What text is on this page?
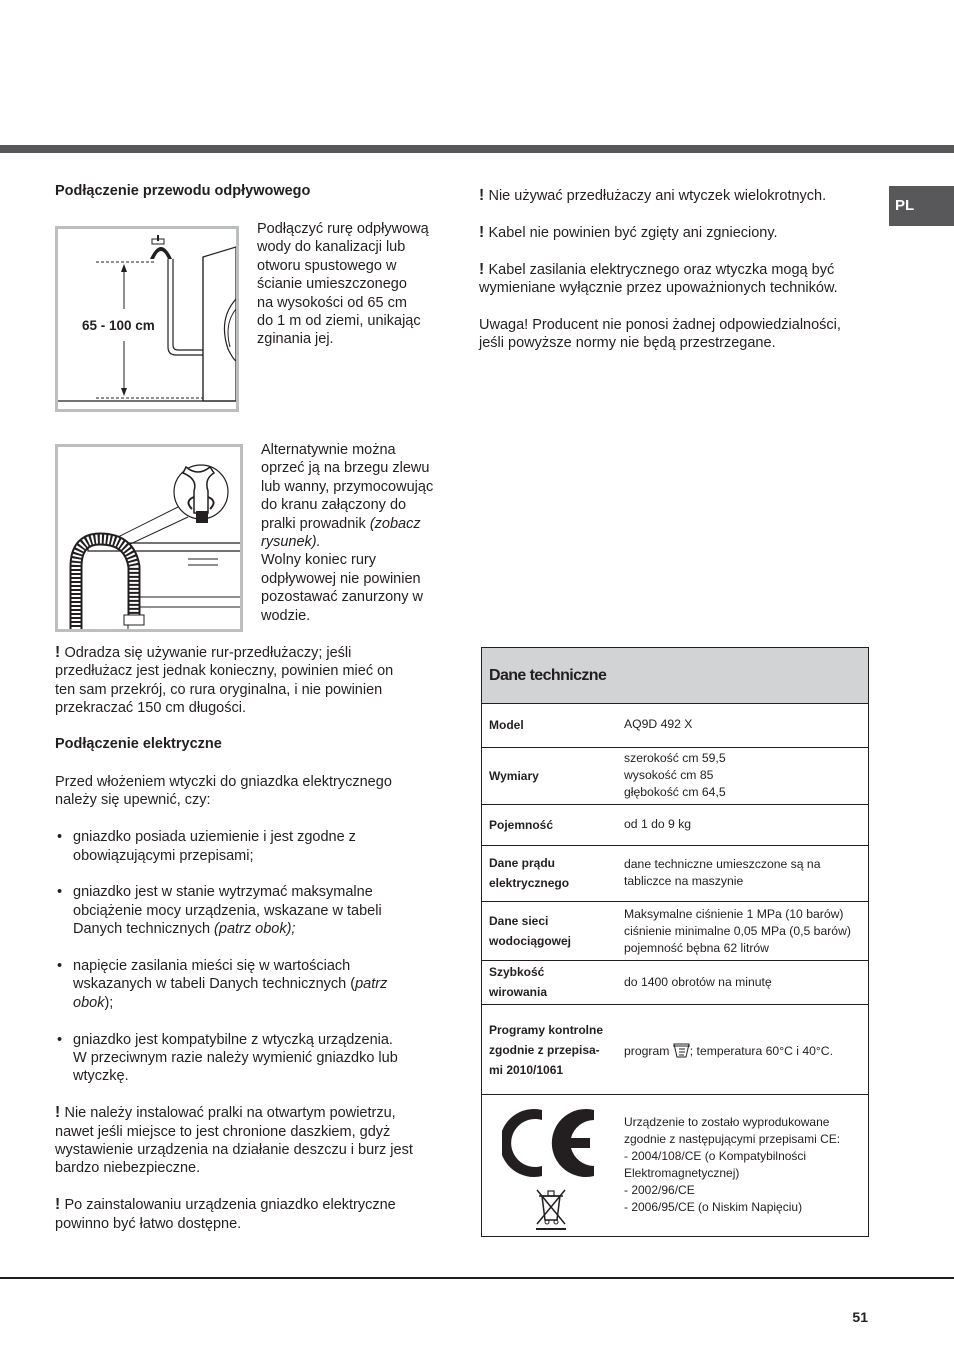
PL
Podłączenie przewodu odpływowego
65 - 100 cm
Podłączyć rurę odpływową
wody do kanalizacji lub
otworu spustowego w
ścianie umieszczonego
na wysokości od 65 cm
do 1 m od ziemi, unikając
zginania jej.
Alternatywnie można
oprzeć ją na brzegu zlewu
lub wanny, przymocowując
do kranu załączony do
pralki prowadnik (zobacz
rysunek).
Wolny koniec rury
odpływowej nie powinien
pozostawać zanurzony w
wodzie.
! Odradza się używanie rur-przedłużaczy; jeśli
przedłużacz jest jednak konieczny, powinien mieć on
ten sam przekrój, co rura oryginalna, i nie powinien
przekraczać 150 cm długości.
Podłączenie elektryczne
Przed włożeniem wtyczki do gniazdka elektrycznego
należy się upewnić, czy:
• gniazdko posiada uziemienie i jest zgodne z
obowiązującymi przepisami;
• gniazdko jest w stanie wytrzymać maksymalne
obciążenie mocy urządzenia, wskazane w tabeli
Danych technicznych (patrz obok);
• napięcie zasilania mieści się w wartościach
wskazanych w tabeli Danych technicznych (patrz
obok);
• gniazdko jest kompatybilne z wtyczką urządzenia.
W przeciwnym razie należy wymienić gniazdko lub
wtyczkę.
! Nie należy instalować pralki na otwartym powietrzu,
nawet jeśli miejsce to jest chronione daszkiem, gdyż
wystawienie urządzenia na działanie deszczu i burz jest
bardzo niebezpieczne.
! Po zainstalowaniu urządzenia gniazdko elektryczne
powinno być łatwo dostępne.
! Nie używać przedłużaczy ani wtyczek wielokrotnych.
! Kabel nie powinien być zgięty ani zgnieciony.
! Kabel zasilania elektrycznego oraz wtyczka mogą być
wymieniane wyłącznie przez upoważnionych techników.
Uwaga! Producent nie ponosi żadnej odpowiedzialności,
jeśli powyższe normy nie będą przestrzegane.
Dane techniczne
Model	AQ9D 492 X
Wymiary
szerokość cm 59,5
wysokość cm 85
głębokość cm 64,5
Pojemność	od 1 do 9 kg
Dane prądu
elektrycznego
dane techniczne umieszczone są na
tabliczce na maszynie
Dane sieci
wodociągowej
Maksymalne ciśnienie 1 MPa (10 barów)
ciśnienie minimalne 0,05 MPa (0,5 barów)
pojemność bębna 62 litrów
Szybkość
wirowania
do 1400 obrotów na minutę
Programy kontrolne
zgodnie z przepisa-
mi 2010/1061
program ; temperatura 60°C i 40°C.
Urządzenie to zostało wyprodukowane
zgodnie z następującymi przepisami CE:
- 2004/108/CE (o Kompatybilności
Elektromagnetycznej)
- 2002/96/CE
- 2006/95/CE (o Niskim Napięciu)
51
